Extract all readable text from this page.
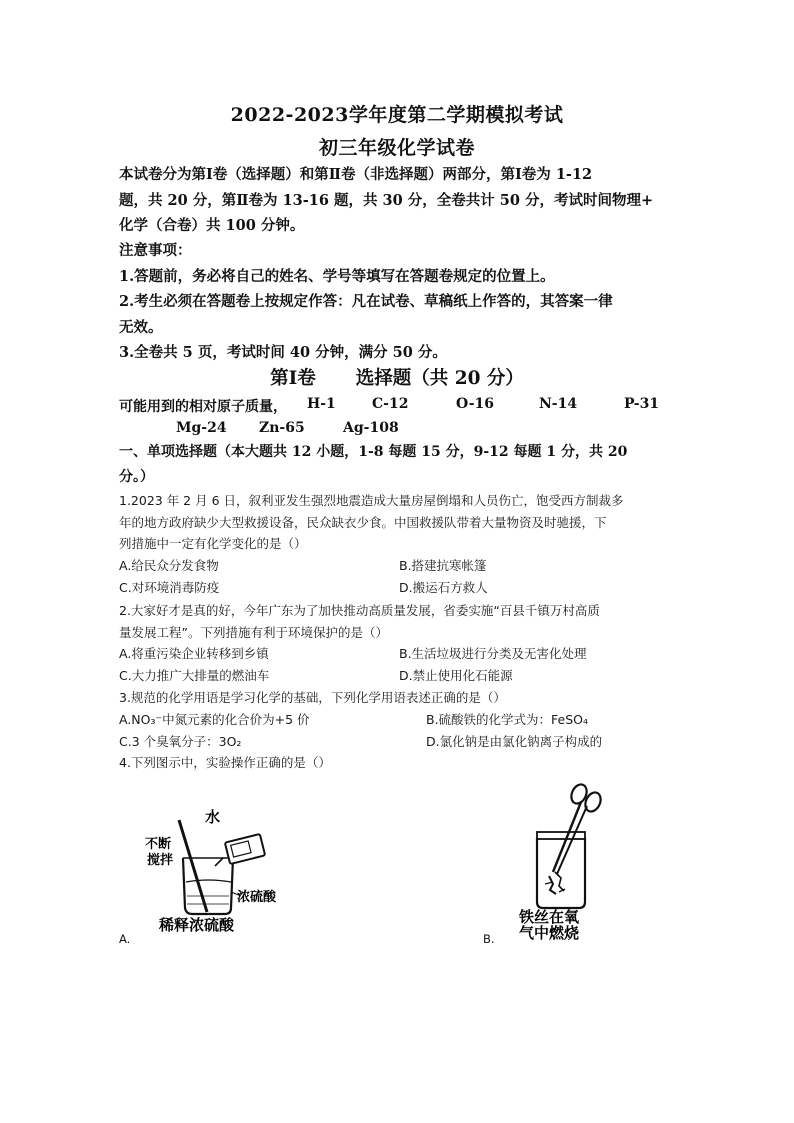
2022-2023学年度第二学期模拟考试
初三年级化学试卷
本试卷分为第Ⅰ卷（选择题）和第Ⅱ卷（非选择题）两部分，第Ⅰ卷为 1-12
题，共 20 分，第Ⅱ卷为 13-16 题，共 30 分，全卷共计 50 分，考试时间物理+
化学（合卷）共 100 分钟。
注意事项：
1.答题前，务必将自己的姓名、学号等填写在答题卷规定的位置上。
2.考生必须在答题卷上按规定作答：凡在试卷、草稿纸上作答的，其答案一律
无效。
3.全卷共 5 页，考试时间 40 分钟，满分 50 分。
第Ⅰ卷 选择题（共 20 分）
可能用到的相对原子质量， H-1	C-12	O-16	N-14	P-31
Mg-24 Zn-65	Ag-108
一、单项选择题（本大题共 12 小题，1-8 每题 15 分，9-12 每题 1 分，共 20
分。）
1.2023 年 2 月 6 日，叙利亚发生强烈地震造成大量房屋倒塌和人员伤亡，饱受西方制裁多
年的地方政府缺少大型救援设备，民众缺衣少食。中国救援队带着大量物资及时驰援，下
列措施中一定有化学变化的是（）
A.给民众分发食物	B.搭建抗寒帐篷
C.对环境消毒防疫	D.搬运石方救人
2.大家好才是真的好，今年广东为了加快推动高质量发展，省委实施“百县千镇万村高质
量发展工程”。下列措施有利于环境保护的是（）
A.将重污染企业转移到乡镇	B.生活垃圾进行分类及无害化处理
C.大力推广大排量的燃油车	D.禁止使用化石能源
3.规范的化学用语是学习化学的基础，下列化学用语表述正确的是（）
A.NO₃⁻中氮元素的化合价为+5 价	B.硫酸铁的化学式为：FeSO₄
C.3 个臭氧分子：3O₂	D.氯化钠是由氯化钠离子构成的
4.下列图示中，实验操作正确的是（）
水
不断
搅拌
浓硫酸
稀释浓硫酸
A.
铁丝在氧
气中燃烧
B.
